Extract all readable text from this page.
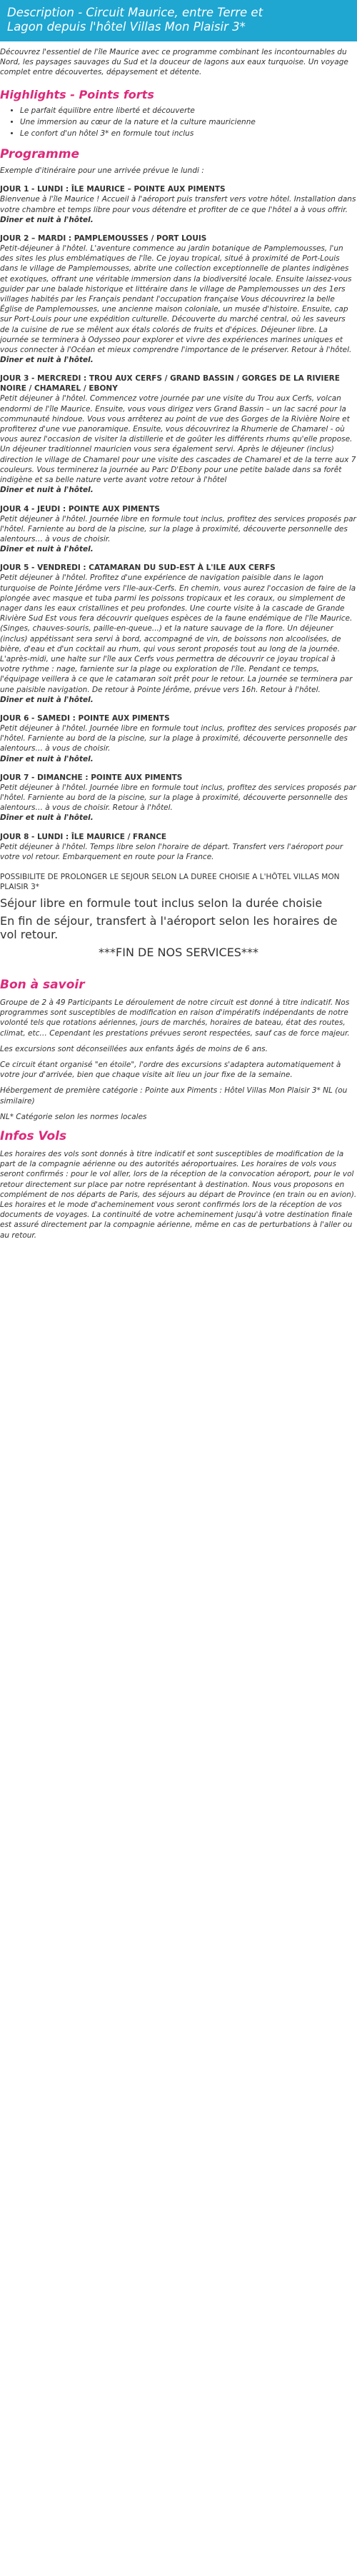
Description - Circuit Maurice, entre Terre et
Lagon depuis l'hôtel Villas Mon Plaisir 3*

Découvrez l'essentiel de l'île Maurice avec ce programme combinant les incontournables du Nord, les paysages sauvages du Sud et la douceur de lagons aux eaux turquoise. Un voyage complet entre découvertes, dépaysement et détente.

Highlights - Points forts
• Le parfait équilibre entre liberté et découverte
• Une immersion au cœur de la nature et la culture mauricienne
• Le confort d'un hôtel 3* en formule tout inclus
Programme

Exemple d'itinéraire pour une arrivée prévue le lundi :

JOUR 1 - LUNDI : ÎLE MAURICE – POINTE AUX PIMENTS
Bienvenue à l'île Maurice ! Accueil à l'aéroport puis transfert vers votre hôtel. Installation dans votre chambre et temps libre pour vous détendre et profiter de ce que l'hôtel a à vous offrir.
Dîner et nuit à l'hôtel.
JOUR 2 – MARDI : PAMPLEMOUSSES / PORT LOUIS
Petit-déjeuner à l'hôtel. L'aventure commence au jardin botanique de Pamplemousses, l'un des sites les plus emblématiques de l'île. Ce joyau tropical, situé à proximité de Port-Louis dans le village de Pamplemousses, abrite une collection exceptionnelle de plantes indigènes et exotiques, offrant une véritable immersion dans la biodiversité locale. Ensuite laissez-vous guider par une balade historique et littéraire dans le village de Pamplemousses un des 1ers villages habités par les Français pendant l'occupation française Vous découvrirez la belle Église de Pamplemousses, une ancienne maison coloniale, un musée d'histoire. Ensuite, cap sur Port-Louis pour une expédition culturelle. Découverte du marché central, où les saveurs de la cuisine de rue se mêlent aux étals colorés de fruits et d'épices. Déjeuner libre. La journée se terminera à Odysseo pour explorer et vivre des expériences marines uniques et vous connecter à l'Océan et mieux comprendre l'importance de le préserver. Retour à l'hôtel.
Dîner et nuit à l'hôtel.
JOUR 3 - MERCREDI : TROU AUX CERFS / GRAND BASSIN / GORGES DE LA RIVIERE NOIRE / CHAMAREL / EBONY
Petit déjeuner à l'hôtel. Commencez votre journée par une visite du Trou aux Cerfs, volcan endormi de l'île Maurice. Ensuite, vous vous dirigez vers Grand Bassin – un lac sacré pour la communauté hindoue. Vous vous arrêterez au point de vue des Gorges de la Rivière Noire et profiterez d'une vue panoramique. Ensuite, vous découvrirez la Rhumerie de Chamarel - où vous aurez l'occasion de visiter la distillerie et de goûter les différents rhums qu'elle propose. Un déjeuner traditionnel mauricien vous sera également servi. Après le déjeuner (inclus) direction le village de Chamarel pour une visite des cascades de Chamarel et de la terre aux 7 couleurs. Vous terminerez la journée au Parc D'Ebony pour une petite balade dans sa forêt indigène et sa belle nature verte avant votre retour à l'hôtel
Dîner et nuit à l'hôtel.
JOUR 4 - JEUDI : POINTE AUX PIMENTS
Petit déjeuner à l'hôtel. Journée libre en formule tout inclus, profitez des services proposés par l'hôtel. Farniente au bord de la piscine, sur la plage à proximité, découverte personnelle des alentours… à vous de choisir.
Dîner et nuit à l'hôtel.
JOUR 5 - VENDREDI : CATAMARAN DU SUD-EST À L'ILE AUX CERFS
Petit déjeuner à l'hôtel. Profitez d'une expérience de navigation paisible dans le lagon turquoise de Pointe Jérôme vers l'Ile-aux-Cerfs. En chemin, vous aurez l'occasion de faire de la plongée avec masque et tuba parmi les poissons tropicaux et les coraux, ou simplement de nager dans les eaux cristallines et peu profondes. Une courte visite à la cascade de Grande Rivière Sud Est vous fera découvrir quelques espèces de la faune endémique de l'île Maurice. (Singes, chauves-souris, paille-en-queue...) et la nature sauvage de la flore. Un déjeuner (inclus) appétissant sera servi à bord, accompagné de vin, de boissons non alcoolisées, de bière, d'eau et d'un cocktail au rhum, qui vous seront proposés tout au long de la journée. L'après-midi, une halte sur l'île aux Cerfs vous permettra de découvrir ce joyau tropical à votre rythme : nage, farniente sur la plage ou exploration de l'île. Pendant ce temps, l'équipage veillera à ce que le catamaran soit prêt pour le retour. La journée se terminera par une paisible navigation. De retour à Pointe Jérôme, prévue vers 16h. Retour à l'hôtel.
Dîner et nuit à l'hôtel.
JOUR 6 - SAMEDI : POINTE AUX PIMENTS
Petit déjeuner à l'hôtel. Journée libre en formule tout inclus, profitez des services proposés par l'hôtel. Farniente au bord de la piscine, sur la plage à proximité, découverte personnelle des alentours… à vous de choisir.
Dîner et nuit à l'hôtel.
JOUR 7 - DIMANCHE : POINTE AUX PIMENTS
Petit déjeuner à l'hôtel. Journée libre en formule tout inclus, profitez des services proposés par l'hôtel. Farniente au bord de la piscine, sur la plage à proximité, découverte personnelle des alentours… à vous de choisir. Retour à l'hôtel.
Dîner et nuit à l'hôtel.
JOUR 8 - LUNDI : ÎLE MAURICE / FRANCE
Petit déjeuner à l'hôtel. Temps libre selon l'horaire de départ. Transfert vers l'aéroport pour votre vol retour. Embarquement en route pour la France.
POSSIBILITE DE PROLONGER LE SEJOUR SELON LA DUREE CHOISIE A L'HÔTEL VILLAS MON PLAISIR 3*
Séjour libre en formule tout inclus selon la durée choisie
En fin de séjour, transfert à l'aéroport selon les horaires de vol retour.
***FIN DE NOS SERVICES***
Bon à savoir

Groupe de 2 à 49 Participants Le déroulement de notre circuit est donné à titre indicatif. Nos programmes sont susceptibles de modification en raison d'impératifs indépendants de notre volonté tels que rotations aériennes, jours de marchés, horaires de bateau, état des routes, climat, etc… Cependant les prestations prévues seront respectées, sauf cas de force majeur.

Les excursions sont déconseillées aux enfants âgés de moins de 6 ans.

Ce circuit étant organisé "en étoile", l'ordre des excursions s'adaptera automatiquement à votre jour d'arrivée, bien que chaque visite ait lieu un jour fixe de la semaine.

Hébergement de première catégorie : Pointe aux Piments : Hôtel Villas Mon Plaisir 3* NL (ou similaire)

NL* Catégorie selon les normes locales

Infos Vols

Les horaires des vols sont donnés à titre indicatif et sont susceptibles de modification de la part de la compagnie aérienne ou des autorités aéroportuaires. Les horaires de vols vous seront confirmés : pour le vol aller, lors de la réception de la convocation aéroport, pour le vol retour directement sur place par notre représentant à destination. Nous vous proposons en complément de nos départs de Paris, des séjours au départ de Province (en train ou en avion). Les horaires et le mode d'acheminement vous seront confirmés lors de la réception de vos documents de voyages. La continuité de votre acheminement jusqu'à votre destination finale est assuré directement par la compagnie aérienne, même en cas de perturbations à l'aller ou au retour.
